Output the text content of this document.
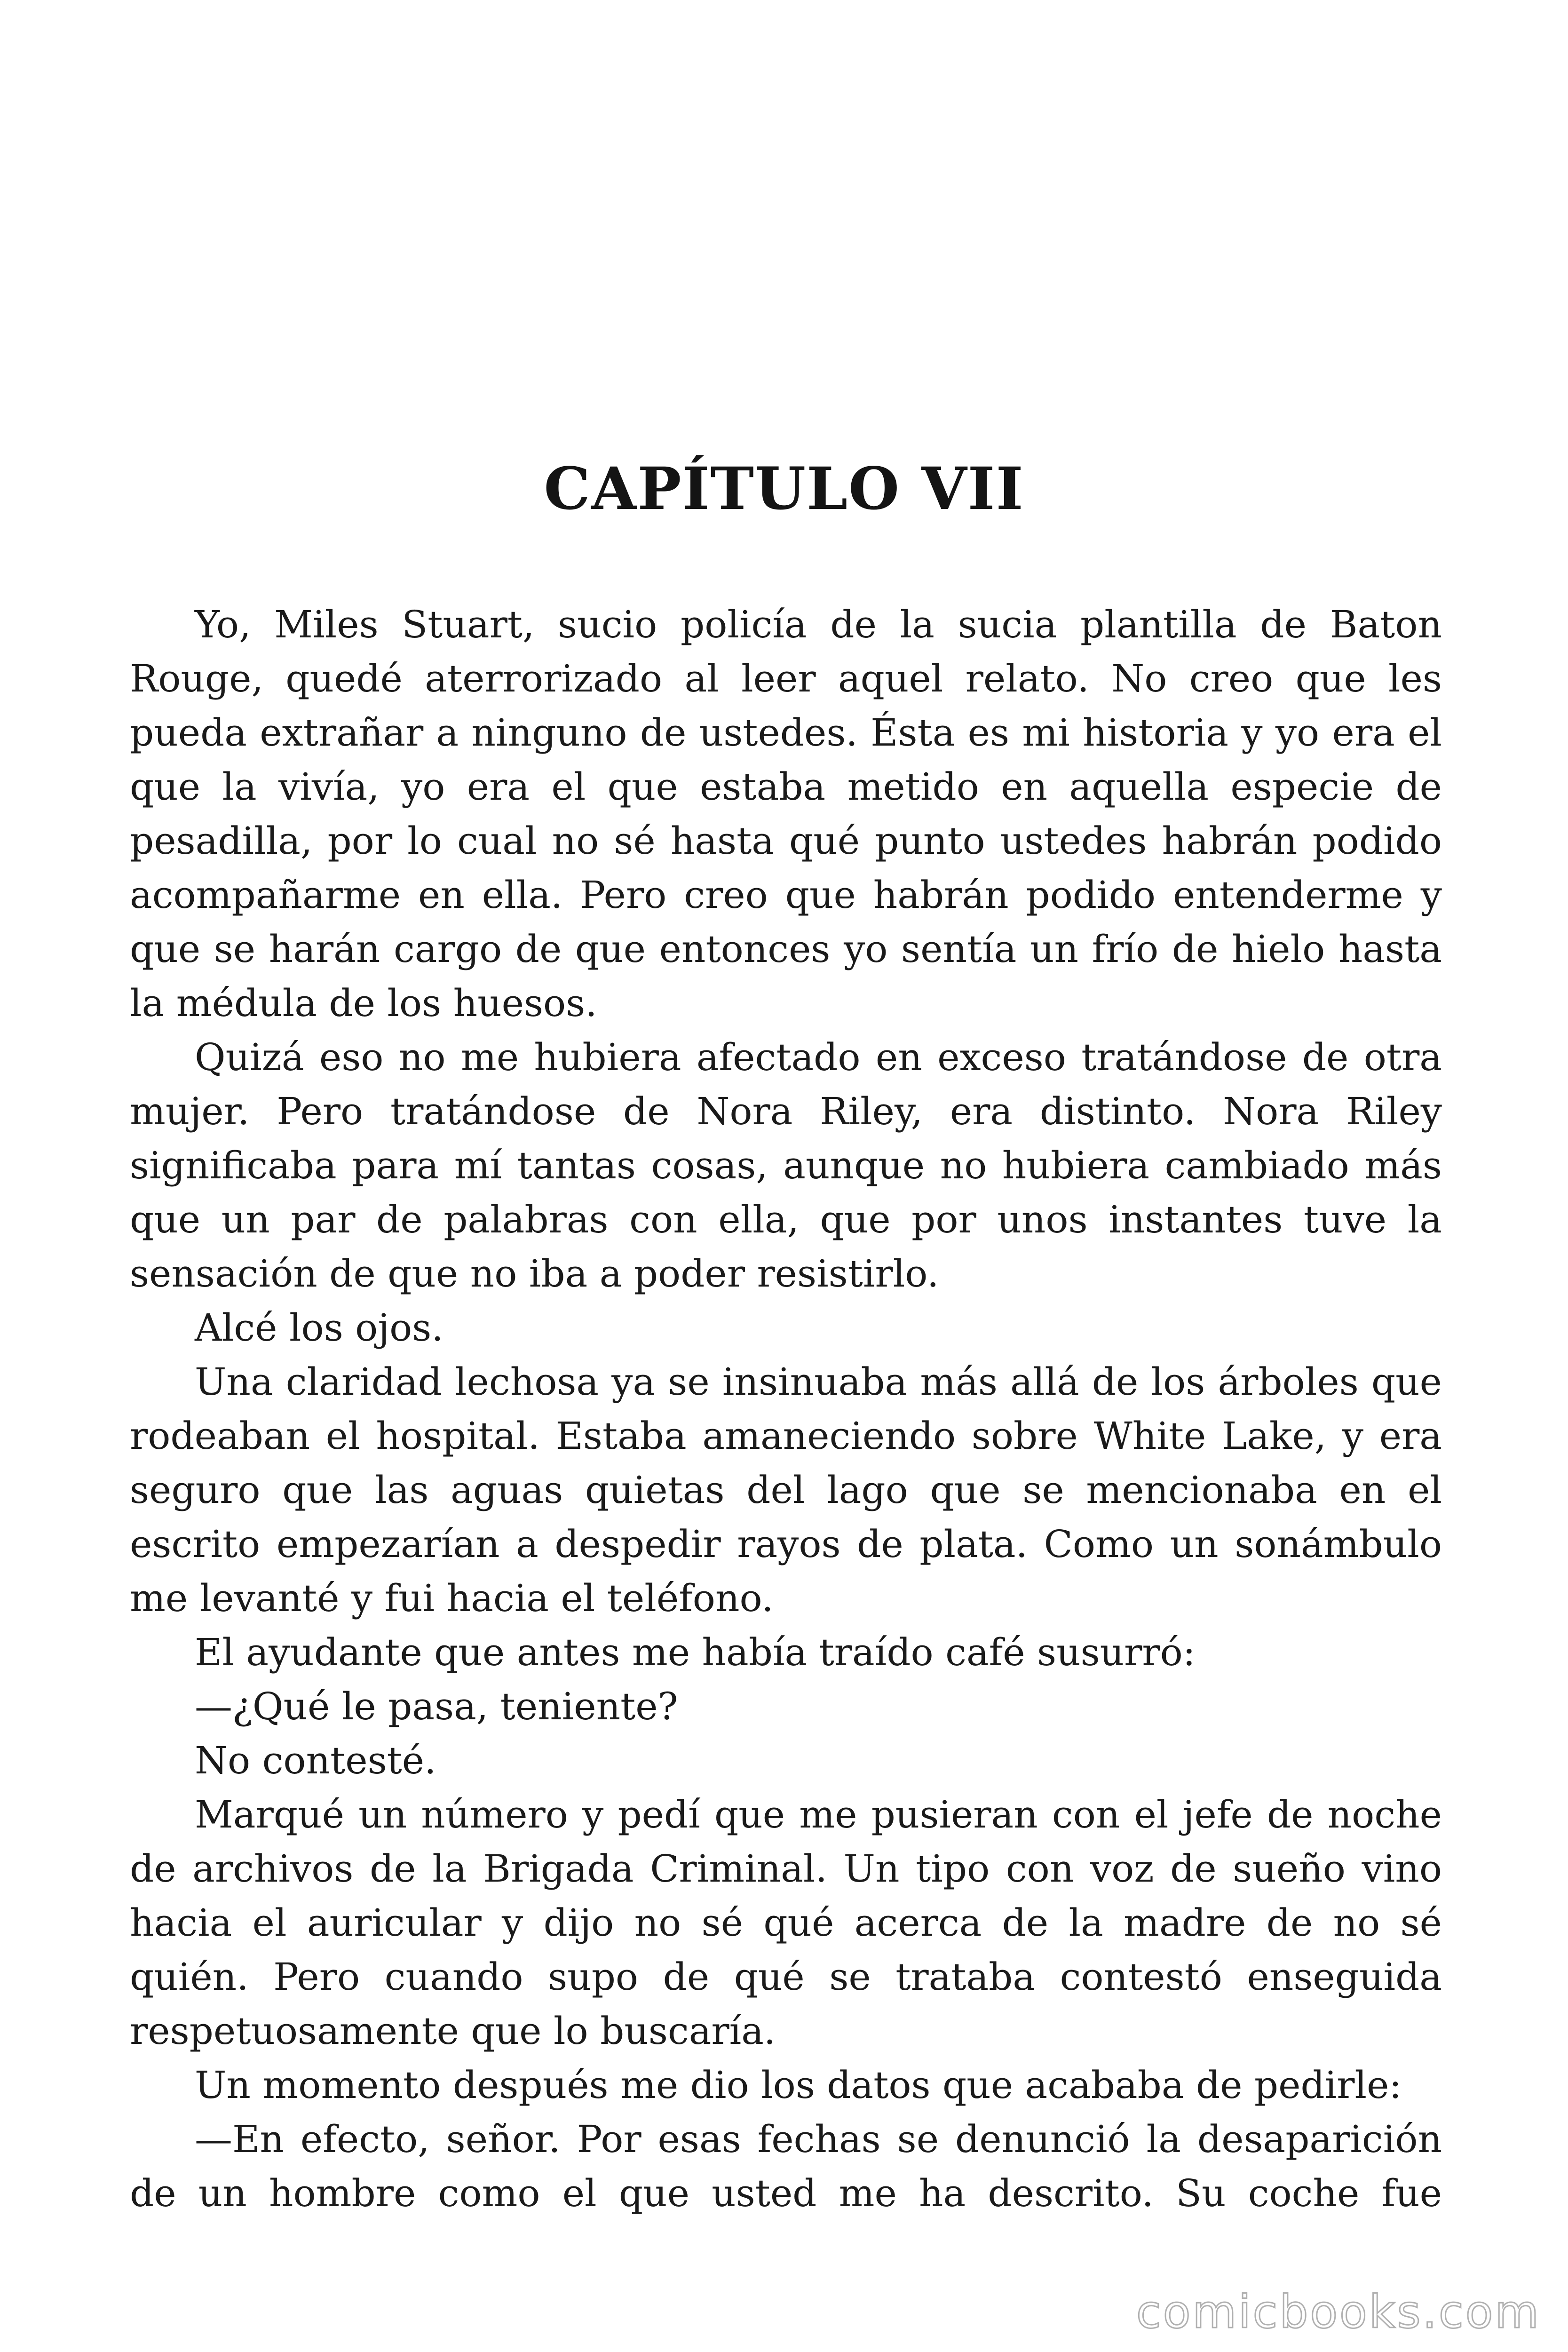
CAPÍTULO VII

Yo, Miles Stuart, sucio policía de la sucia plantilla de Baton Rouge, quedé aterrorizado al leer aquel relato. No creo que les pueda extrañar a ninguno de ustedes. Ésta es mi historia y yo era el que la vivía, yo era el que estaba metido en aquella especie de pesadilla, por lo cual no sé hasta qué punto ustedes habrán podido acompañarme en ella. Pero creo que habrán podido entenderme y que se harán cargo de que entonces yo sentía un frío de hielo hasta la médula de los huesos.

Quizá eso no me hubiera afectado en exceso tratándose de otra mujer. Pero tratándose de Nora Riley, era distinto. Nora Riley significaba para mí tantas cosas, aunque no hubiera cambiado más que un par de palabras con ella, que por unos instantes tuve la sensación de que no iba a poder resistirlo.

Alcé los ojos.

Una claridad lechosa ya se insinuaba más allá de los árboles que rodeaban el hospital. Estaba amaneciendo sobre White Lake, y era seguro que las aguas quietas del lago que se mencionaba en el escrito empezarían a despedir rayos de plata. Como un sonámbulo me levanté y fui hacia el teléfono.

El ayudante que antes me había traído café susurró:

—¿Qué le pasa, teniente?

No contesté.

Marqué un número y pedí que me pusieran con el jefe de noche de archivos de la Brigada Criminal. Un tipo con voz de sueño vino hacia el auricular y dijo no sé qué acerca de la madre de no sé quién. Pero cuando supo de qué se trataba contestó enseguida respetuosamente que lo buscaría.

Un momento después me dio los datos que acababa de pedirle:

—En efecto, señor. Por esas fechas se denunció la desaparición de un hombre como el que usted me ha descrito. Su coche fue

comicbooks.com
